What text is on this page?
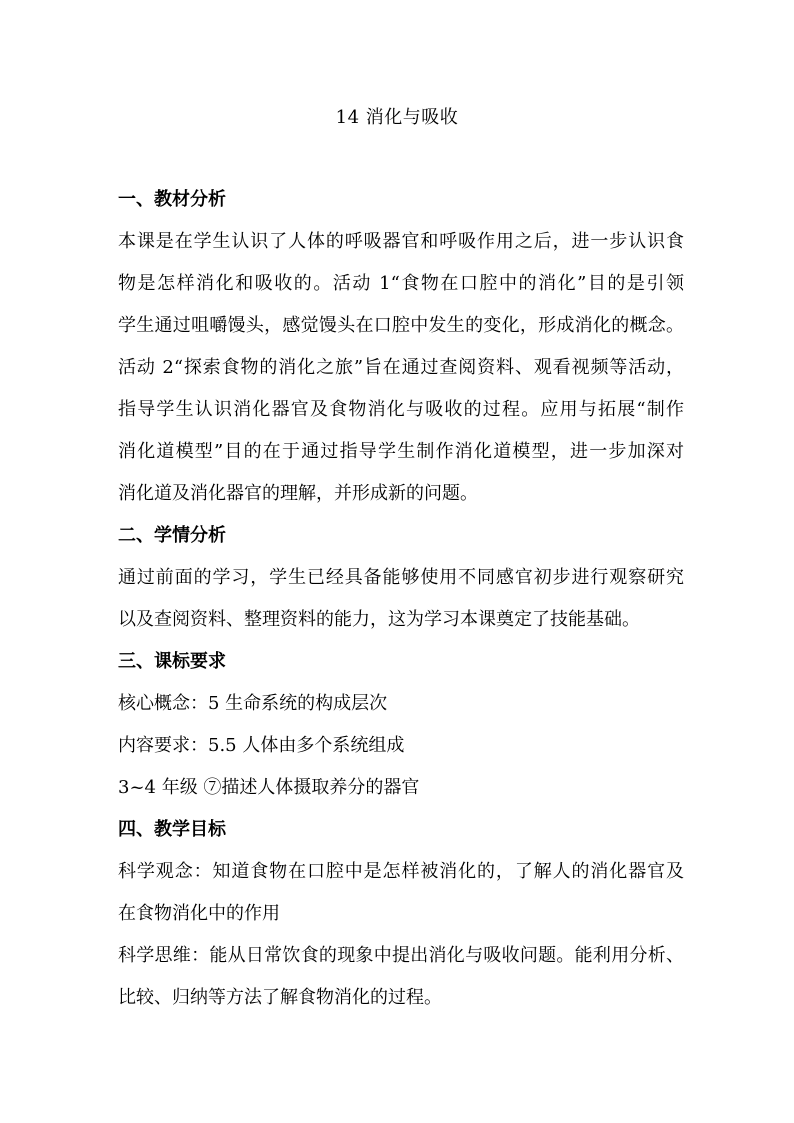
14 消化与吸收
一、教材分析
本课是在学生认识了人体的呼吸器官和呼吸作用之后，进一步认识食
物是怎样消化和吸收的。活动 1“食物在口腔中的消化”目的是引领
学生通过咀嚼馒头，感觉馒头在口腔中发生的变化，形成消化的概念。
活动 2“探索食物的消化之旅”旨在通过查阅资料、观看视频等活动，
指导学生认识消化器官及食物消化与吸收的过程。应用与拓展“制作
消化道模型”目的在于通过指导学生制作消化道模型，进一步加深对
消化道及消化器官的理解，并形成新的问题。
二、学情分析
通过前面的学习，学生已经具备能够使用不同感官初步进行观察研究
以及查阅资料、整理资料的能力，这为学习本课奠定了技能基础。
三、课标要求
核心概念：5 生命系统的构成层次
内容要求：5.5 人体由多个系统组成
3~4 年级 ⑦描述人体摄取养分的器官
四、教学目标
科学观念：知道食物在口腔中是怎样被消化的，了解人的消化器官及
在食物消化中的作用
科学思维：能从日常饮食的现象中提出消化与吸收问题。能利用分析、
比较、归纳等方法了解食物消化的过程。
